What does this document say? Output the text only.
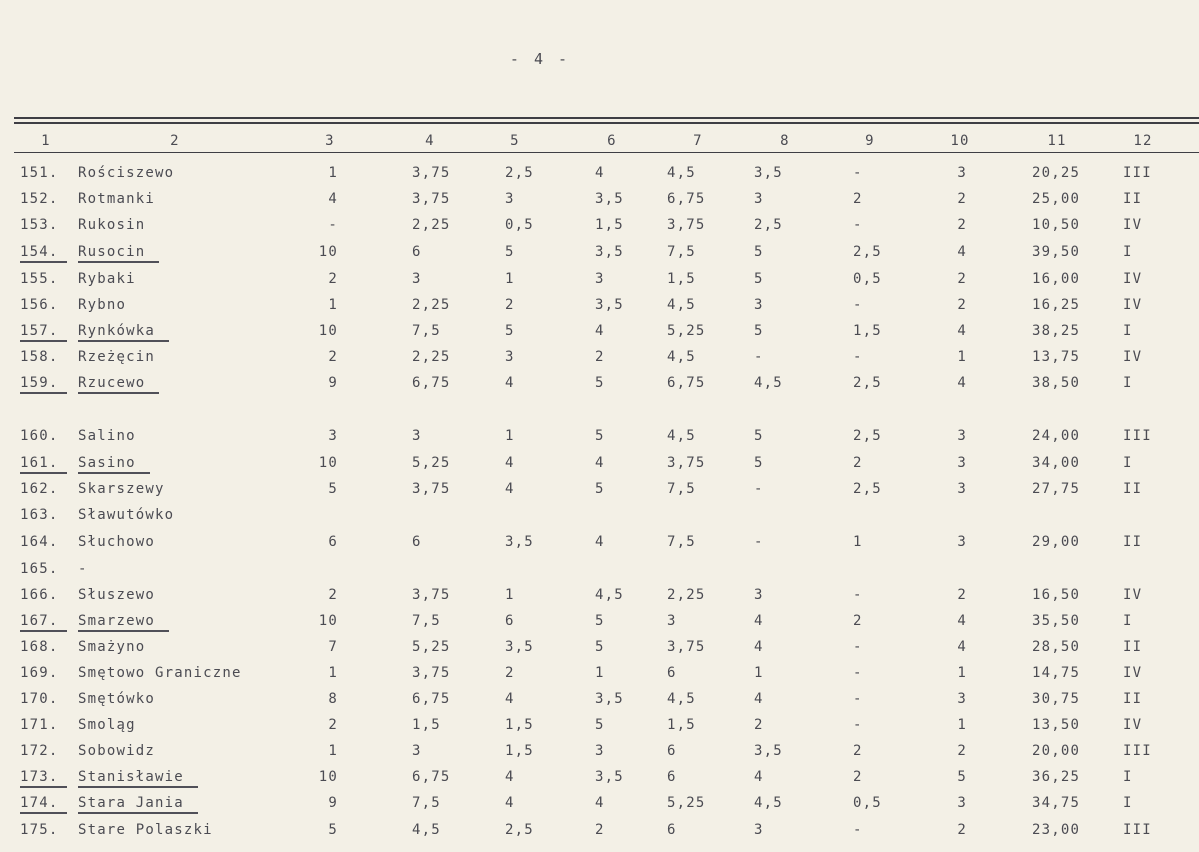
- 4 -
1	2	3	4	5	6	7	8	9	10	11	12
151. Rościszewo	1	3,75	2,5	4	4,5	3,5	-	3	20,25	III
152. Rotmanki	4	3,75	3	3,5	6,75	3	2	2	25,00	II
153. Rukosin	-	2,25	0,5	1,5	3,75	2,5	-	2	10,50	IV
154.	Rusocin	10	6	5	3,5	7,5	5	2,5	4	39,50	I
155. Rybaki	2	3	1	3	1,5	5	0,5	2	16,00	IV
156. Rybno	1	2,25	2	3,5	4,5	3	-	2	16,25	IV
157.	Rynkówka	10	7,5	5	4	5,25	5	1,5	4	38,25	I
158. Rzeżęcin	2	2,25	3	2	4,5	-	-	1	13,75	IV
159.	Rzucewo	9	6,75	4	5	6,75	4,5	2,5	4	38,50	I
160. Salino	3	3	1	5	4,5	5	2,5	3	24,00	III
161.	Sasino	10	5,25	4	4	3,75	5	2	3	34,00	I
162. Skarszewy	5	3,75	4	5	7,5	-	2,5	3	27,75	II
163. Sławutówko
164. Słuchowo	6	6	3,5	4	7,5	-	1	3	29,00	II
165. -
166. Słuszewo	2	3,75	1	4,5	2,25	3	-	2	16,50	IV
167.	Smarzewo	10	7,5	6	5	3	4	2	4	35,50	I
168. Smażyno	7	5,25	3,5	5	3,75	4	-	4	28,50	II
169. Smętowo Graniczne	1	3,75	2	1	6	1	-	1	14,75	IV
170. Smętówko	8	6,75	4	3,5	4,5	4	-	3	30,75	II
171. Smoląg	2	1,5	1,5	5	1,5	2	-	1	13,50	IV
172. Sobowidz	1	3	1,5	3	6	3,5	2	2	20,00	III
173.	Stanisławie	10	6,75	4	3,5	6	4	2	5	36,25	I
174.	Stara Jania	9	7,5	4	4	5,25	4,5	0,5	3	34,75	I
175. Stare Polaszki	5	4,5	2,5	2	6	3	-	2	23,00	III
